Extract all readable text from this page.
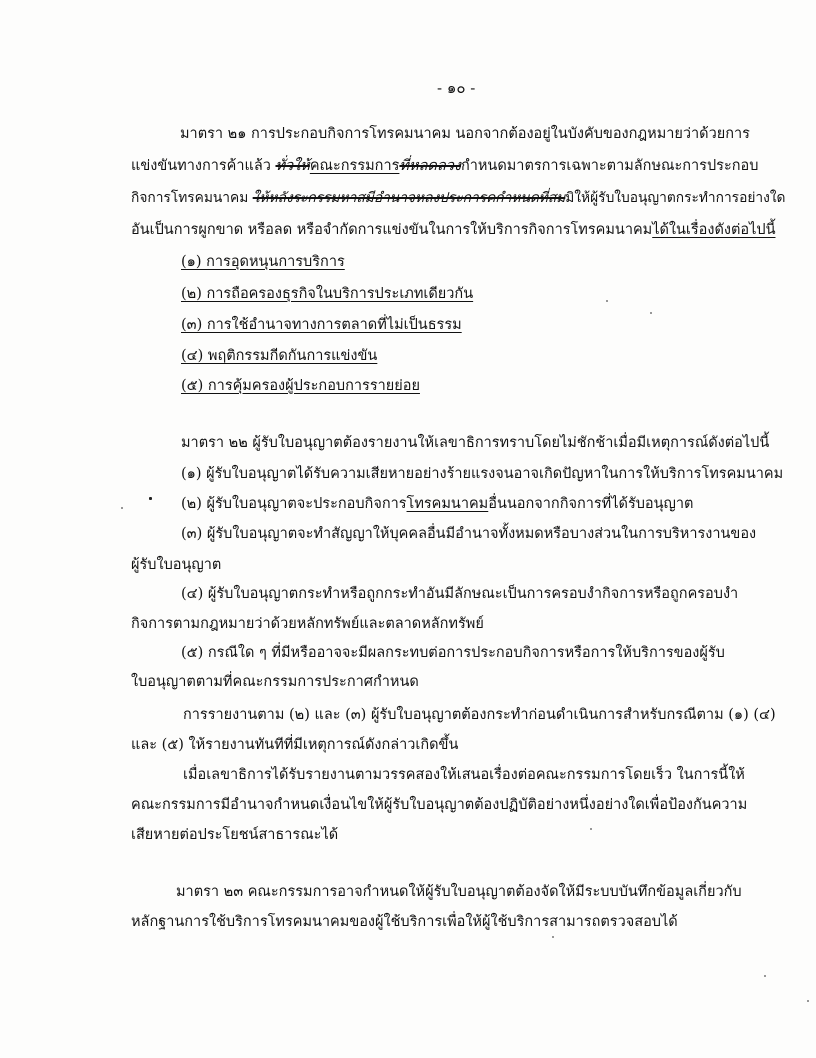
- ๑๐ -
มาตรา ๒๑ การประกอบกิจการโทรคมนาคม นอกจากต้องอยู่ในบังคับของกฎหมายว่าด้วยการ
แข่งขันทางการค้าแล้ว ทั่วให้คณะกรรมการที่หลดลวงกำหนดมาตรการเฉพาะตามลักษณะการประกอบ
กิจการโทรคมนาคม ให้หลังระกรรมหาสมีอำนาจหลงประการคกำหนดที่สมมิให้ผู้รับใบอนุญาตกระทำการอย่างใด
อันเป็นการผูกขาด หรือลด หรือจำกัดการแข่งขันในการให้บริการกิจการโทรคมนาคมได้ในเรื่องดังต่อไปนี้
(๑) การอุดหนุนการบริการ
(๒) การถือครองธุรกิจในบริการประเภทเดียวกัน
(๓) การใช้อำนาจทางการตลาดที่ไม่เป็นธรรม
(๔) พฤติกรรมกีดกันการแข่งขัน
(๕) การคุ้มครองผู้ประกอบการรายย่อย
มาตรา ๒๒ ผู้รับใบอนุญาตต้องรายงานให้เลขาธิการทราบโดยไม่ชักช้าเมื่อมีเหตุการณ์ดังต่อไปนี้
(๑) ผู้รับใบอนุญาตได้รับความเสียหายอย่างร้ายแรงจนอาจเกิดปัญหาในการให้บริการโทรคมนาคม
(๒) ผู้รับใบอนุญาตจะประกอบกิจการโทรคมนาคมอื่นนอกจากกิจการที่ได้รับอนุญาต
(๓) ผู้รับใบอนุญาตจะทำสัญญาให้บุคคลอื่นมีอำนาจทั้งหมดหรือบางส่วนในการบริหารงานของ
ผู้รับใบอนุญาต
(๔) ผู้รับใบอนุญาตกระทำหรือถูกกระทำอันมีลักษณะเป็นการครอบงำกิจการหรือถูกครอบงำ
กิจการตามกฎหมายว่าด้วยหลักทรัพย์และตลาดหลักทรัพย์
(๕) กรณีใด ๆ ที่มีหรืออาจจะมีผลกระทบต่อการประกอบกิจการหรือการให้บริการของผู้รับ
ใบอนุญาตตามที่คณะกรรมการประกาศกำหนด
การรายงานตาม (๒) และ (๓) ผู้รับใบอนุญาตต้องกระทำก่อนดำเนินการสำหรับกรณีตาม (๑) (๔)
และ (๕) ให้รายงานทันทีที่มีเหตุการณ์ดังกล่าวเกิดขึ้น
เมื่อเลขาธิการได้รับรายงานตามวรรคสองให้เสนอเรื่องต่อคณะกรรมการโดยเร็ว ในการนี้ให้
คณะกรรมการมีอำนาจกำหนดเงื่อนไขให้ผู้รับใบอนุญาตต้องปฏิบัติอย่างหนึ่งอย่างใดเพื่อป้องกันความ
เสียหายต่อประโยชน์สาธารณะได้
มาตรา ๒๓ คณะกรรมการอาจกำหนดให้ผู้รับใบอนุญาตต้องจัดให้มีระบบบันทึกข้อมูลเกี่ยวกับ
หลักฐานการใช้บริการโทรคมนาคมของผู้ใช้บริการเพื่อให้ผู้ใช้บริการสามารถตรวจสอบได้
